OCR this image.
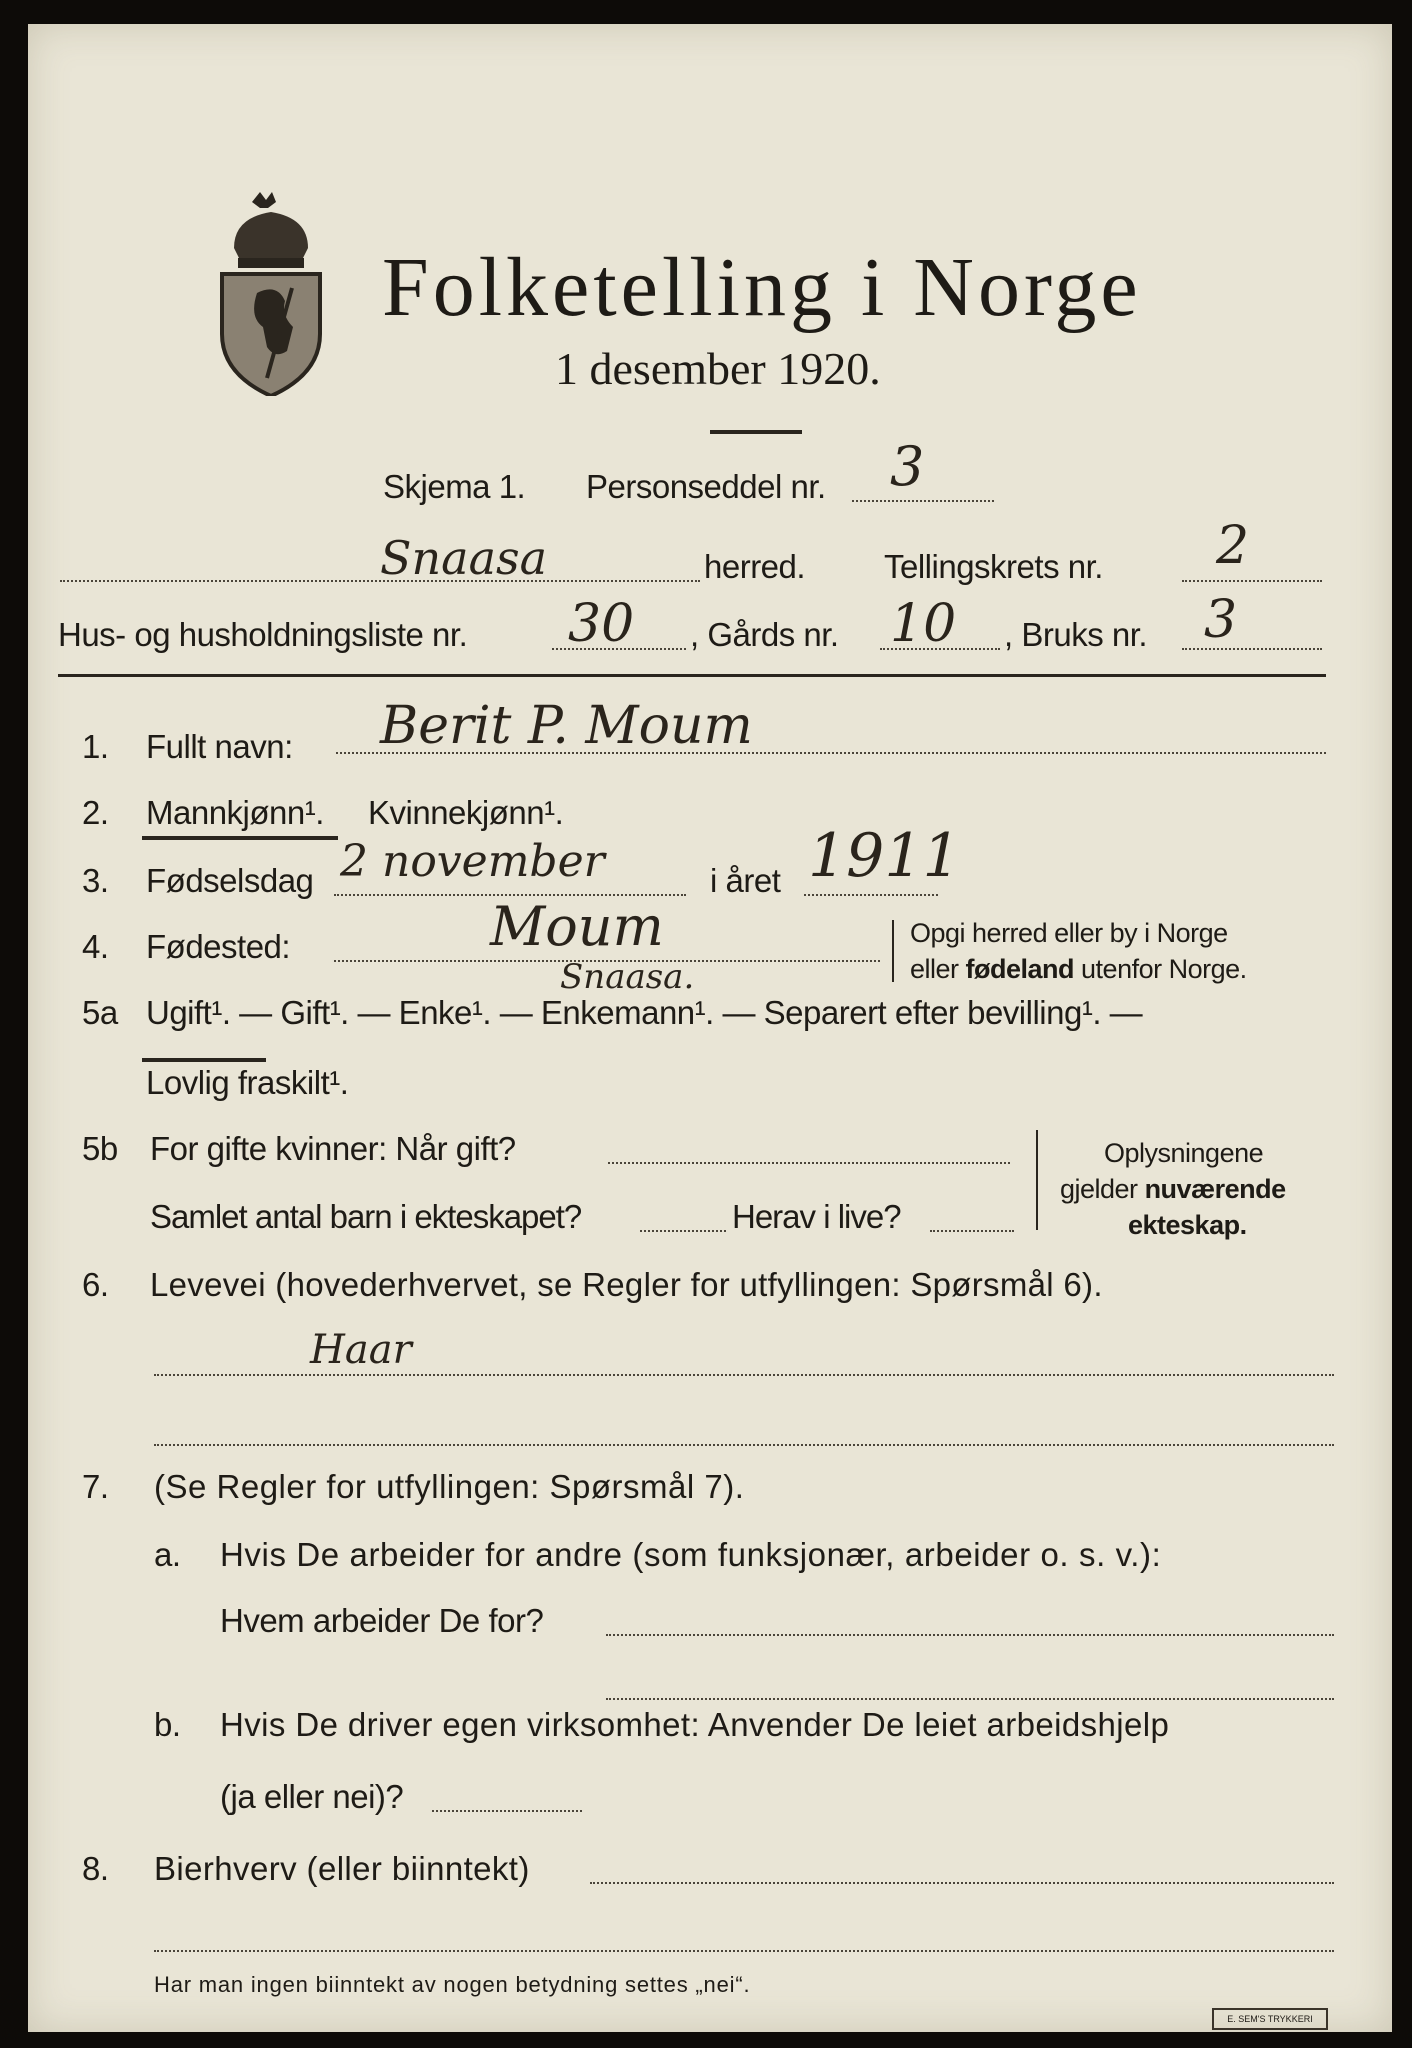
Folketelling i Norge
1 desember 1920.
Skjema 1. Personseddel nr. 3
Snaasa	herred. Tellingskrets nr. 2
Hus- og husholdningsliste nr. 30 , Gårds nr. 10 , Bruks nr. 3
1. Fullt navn: Berit P. Moum
2. Mannkjønn¹. Kvinnekjønn¹.
3. Fødselsdag 2 november	i året 1911
4. Fødested:	Moum
Snaasa.
Opgi herred eller by i Norge
eller fødeland utenfor Norge.
5a Ugift¹. — Gift¹. — Enke¹. — Enkemann¹. — Separert efter bevilling¹. —
Lovlig fraskilt¹.
5b For gifte kvinner: Når gift?
Samlet antal barn i ekteskapet?	Herav i live?
Oplysningene
gjelder nuværende
ekteskap.
6. Levevei (hovederhvervet, se Regler for utfyllingen: Spørsmål 6).
Haar
7. (Se Regler for utfyllingen: Spørsmål 7).
a. Hvis De arbeider for andre (som funksjonær, arbeider o. s. v.):
Hvem arbeider De for?
b. Hvis De driver egen virksomhet: Anvender De leiet arbeidshjelp
(ja eller nei)?
8. Bierhverv (eller biinntekt)
Har man ingen biinntekt av nogen betydning settes „nei“.
E. SEM'S TRYKKERI
